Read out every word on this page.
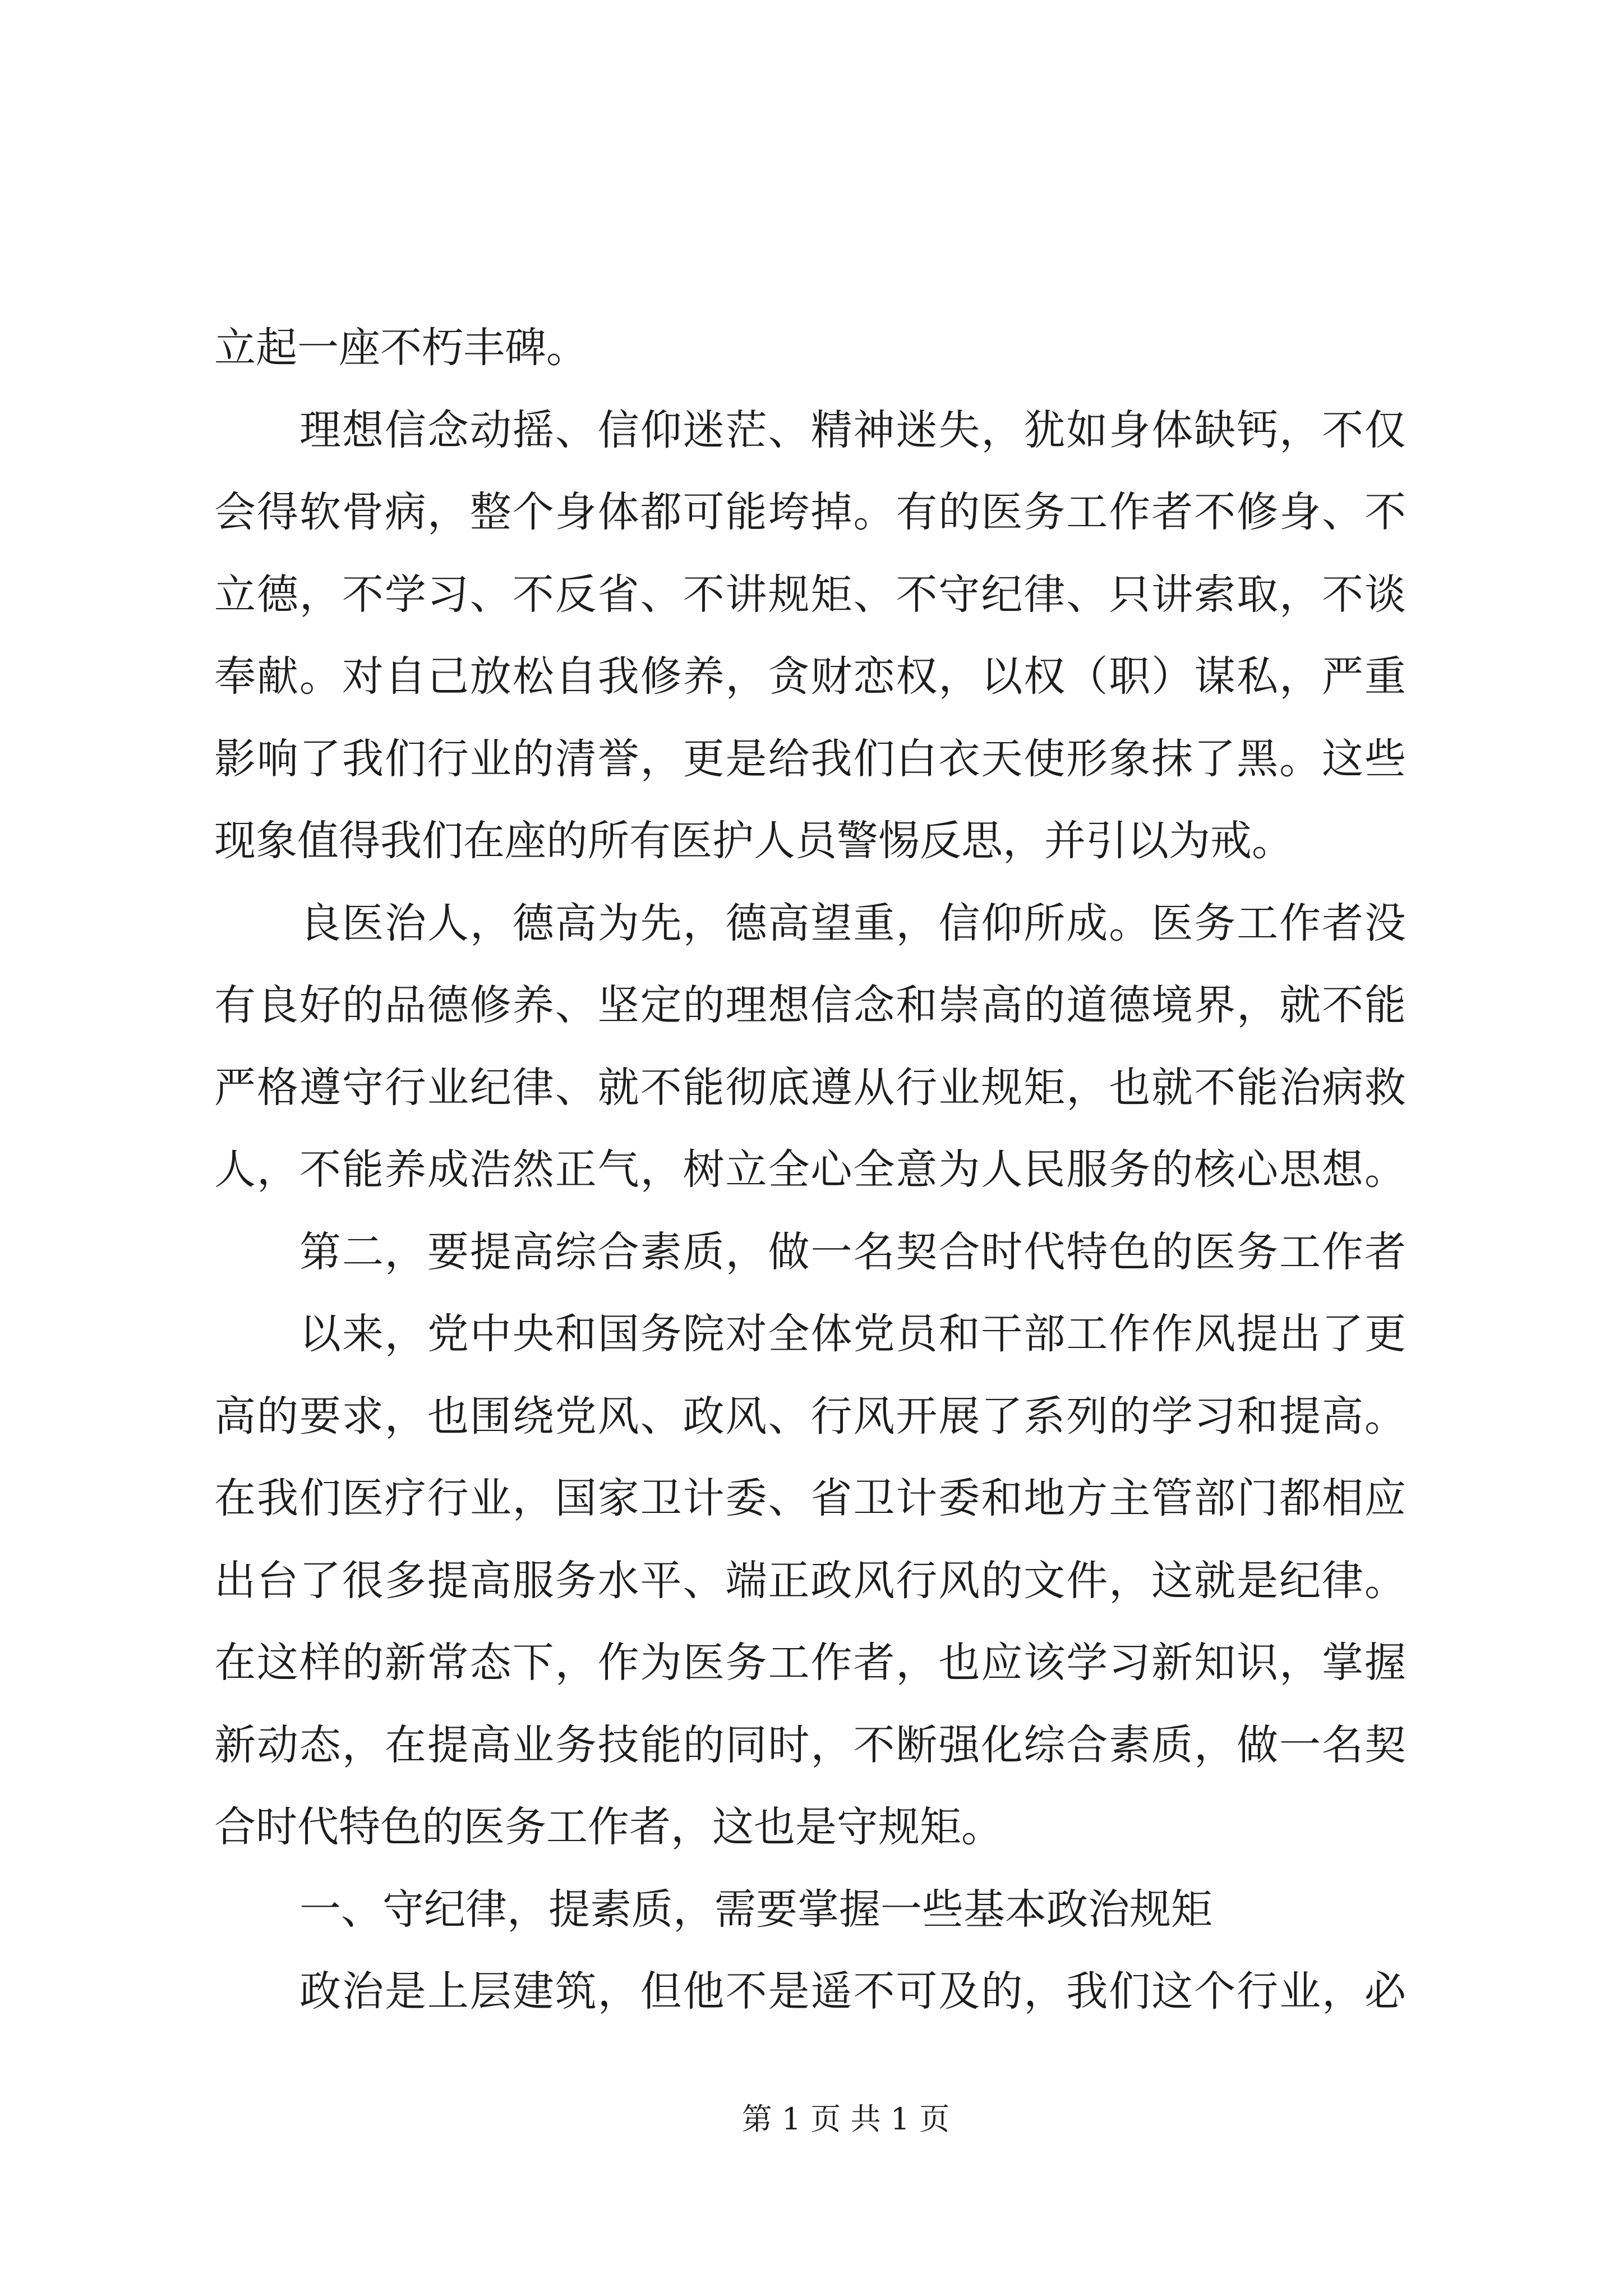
立起一座不朽丰碑。
理想信念动摇、信仰迷茫、精神迷失，犹如身体缺钙，不仅
会得软骨病，整个身体都可能垮掉。有的医务工作者不修身、不
立德，不学习、不反省、不讲规矩、不守纪律、只讲索取，不谈
奉献。对自己放松自我修养，贪财恋权，以权（职）谋私，严重
影响了我们行业的清誉，更是给我们白衣天使形象抹了黑。这些
现象值得我们在座的所有医护人员警惕反思，并引以为戒。
良医治人，德高为先，德高望重，信仰所成。医务工作者没
有良好的品德修养、坚定的理想信念和崇高的道德境界，就不能
严格遵守行业纪律、就不能彻底遵从行业规矩，也就不能治病救
人，不能养成浩然正气，树立全心全意为人民服务的核心思想。
第二，要提高综合素质，做一名契合时代特色的医务工作者
以来，党中央和国务院对全体党员和干部工作作风提出了更
高的要求，也围绕党风、政风、行风开展了系列的学习和提高。
在我们医疗行业，国家卫计委、省卫计委和地方主管部门都相应
出台了很多提高服务水平、端正政风行风的文件，这就是纪律。
在这样的新常态下，作为医务工作者，也应该学习新知识，掌握
新动态，在提高业务技能的同时，不断强化综合素质，做一名契
合时代特色的医务工作者，这也是守规矩。
一、守纪律，提素质，需要掌握一些基本政治规矩
政治是上层建筑，但他不是遥不可及的，我们这个行业，必
第 1 页 共 1 页
